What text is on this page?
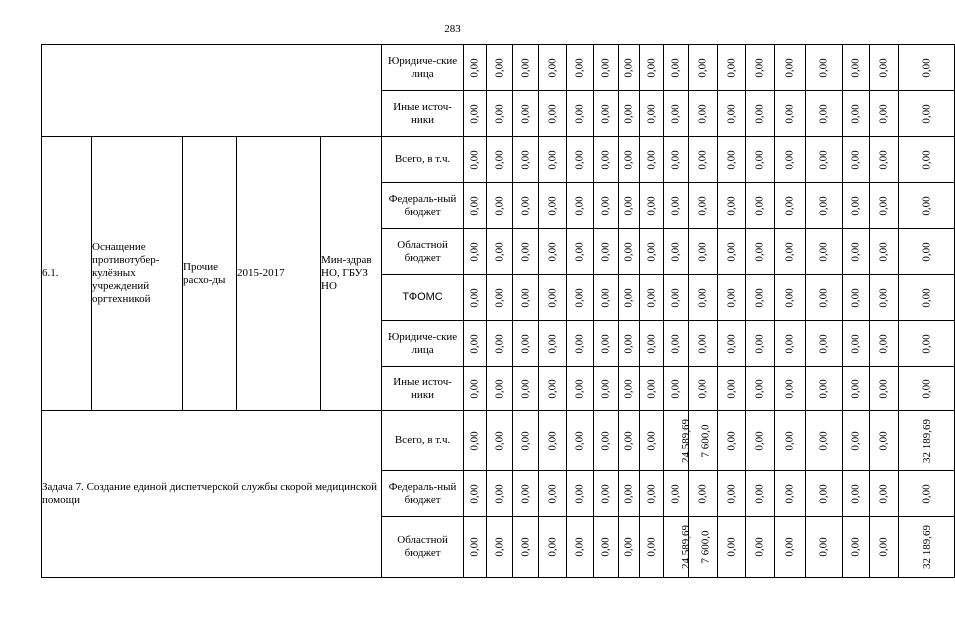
283
					Юридиче-ские лица	0,00	0,00	0,00	0,00	0,00	0,00	0,00	0,00	0,00	0,00	0,00	0,00	0,00	0,00	0,00	0,00	0,00
					Иные источ-ники	0,00	0,00	0,00	0,00	0,00	0,00	0,00	0,00	0,00	0,00	0,00	0,00	0,00	0,00	0,00	0,00	0,00
6.1.	Оснащение противотубер-кулёзных учреждений оргтехникой	Прочие расхо-ды	2015-2017	Мин-здрав НО, ГБУЗ НО	Всего, в т.ч.	0,00	0,00	0,00	0,00	0,00	0,00	0,00	0,00	0,00	0,00	0,00	0,00	0,00	0,00	0,00	0,00	0,00
					Федераль-ный бюджет	0,00	0,00	0,00	0,00	0,00	0,00	0,00	0,00	0,00	0,00	0,00	0,00	0,00	0,00	0,00	0,00	0,00
					Областной бюджет	0,00	0,00	0,00	0,00	0,00	0,00	0,00	0,00	0,00	0,00	0,00	0,00	0,00	0,00	0,00	0,00	0,00
					ТФОМС	0,00	0,00	0,00	0,00	0,00	0,00	0,00	0,00	0,00	0,00	0,00	0,00	0,00	0,00	0,00	0,00	0,00
					Юридиче-ские лица	0,00	0,00	0,00	0,00	0,00	0,00	0,00	0,00	0,00	0,00	0,00	0,00	0,00	0,00	0,00	0,00	0,00
					Иные источ-ники	0,00	0,00	0,00	0,00	0,00	0,00	0,00	0,00	0,00	0,00	0,00	0,00	0,00	0,00	0,00	0,00	0,00
Задача 7. Создание единой диспетчерской службы скорой медицинской помощи					Всего, в т.ч.	0,00	0,00	0,00	0,00	0,00	0,00	0,00	0,00	24 589,69	7 600,0	0,00	0,00	0,00	0,00	0,00	0,00	32 189,69
					Федераль-ный бюджет	0,00	0,00	0,00	0,00	0,00	0,00	0,00	0,00	0,00	0,00	0,00	0,00	0,00	0,00	0,00	0,00	0,00
					Областной бюджет	0,00	0,00	0,00	0,00	0,00	0,00	0,00	0,00	24 589,69	7 600,0	0,00	0,00	0,00	0,00	0,00	0,00	32 189,69
